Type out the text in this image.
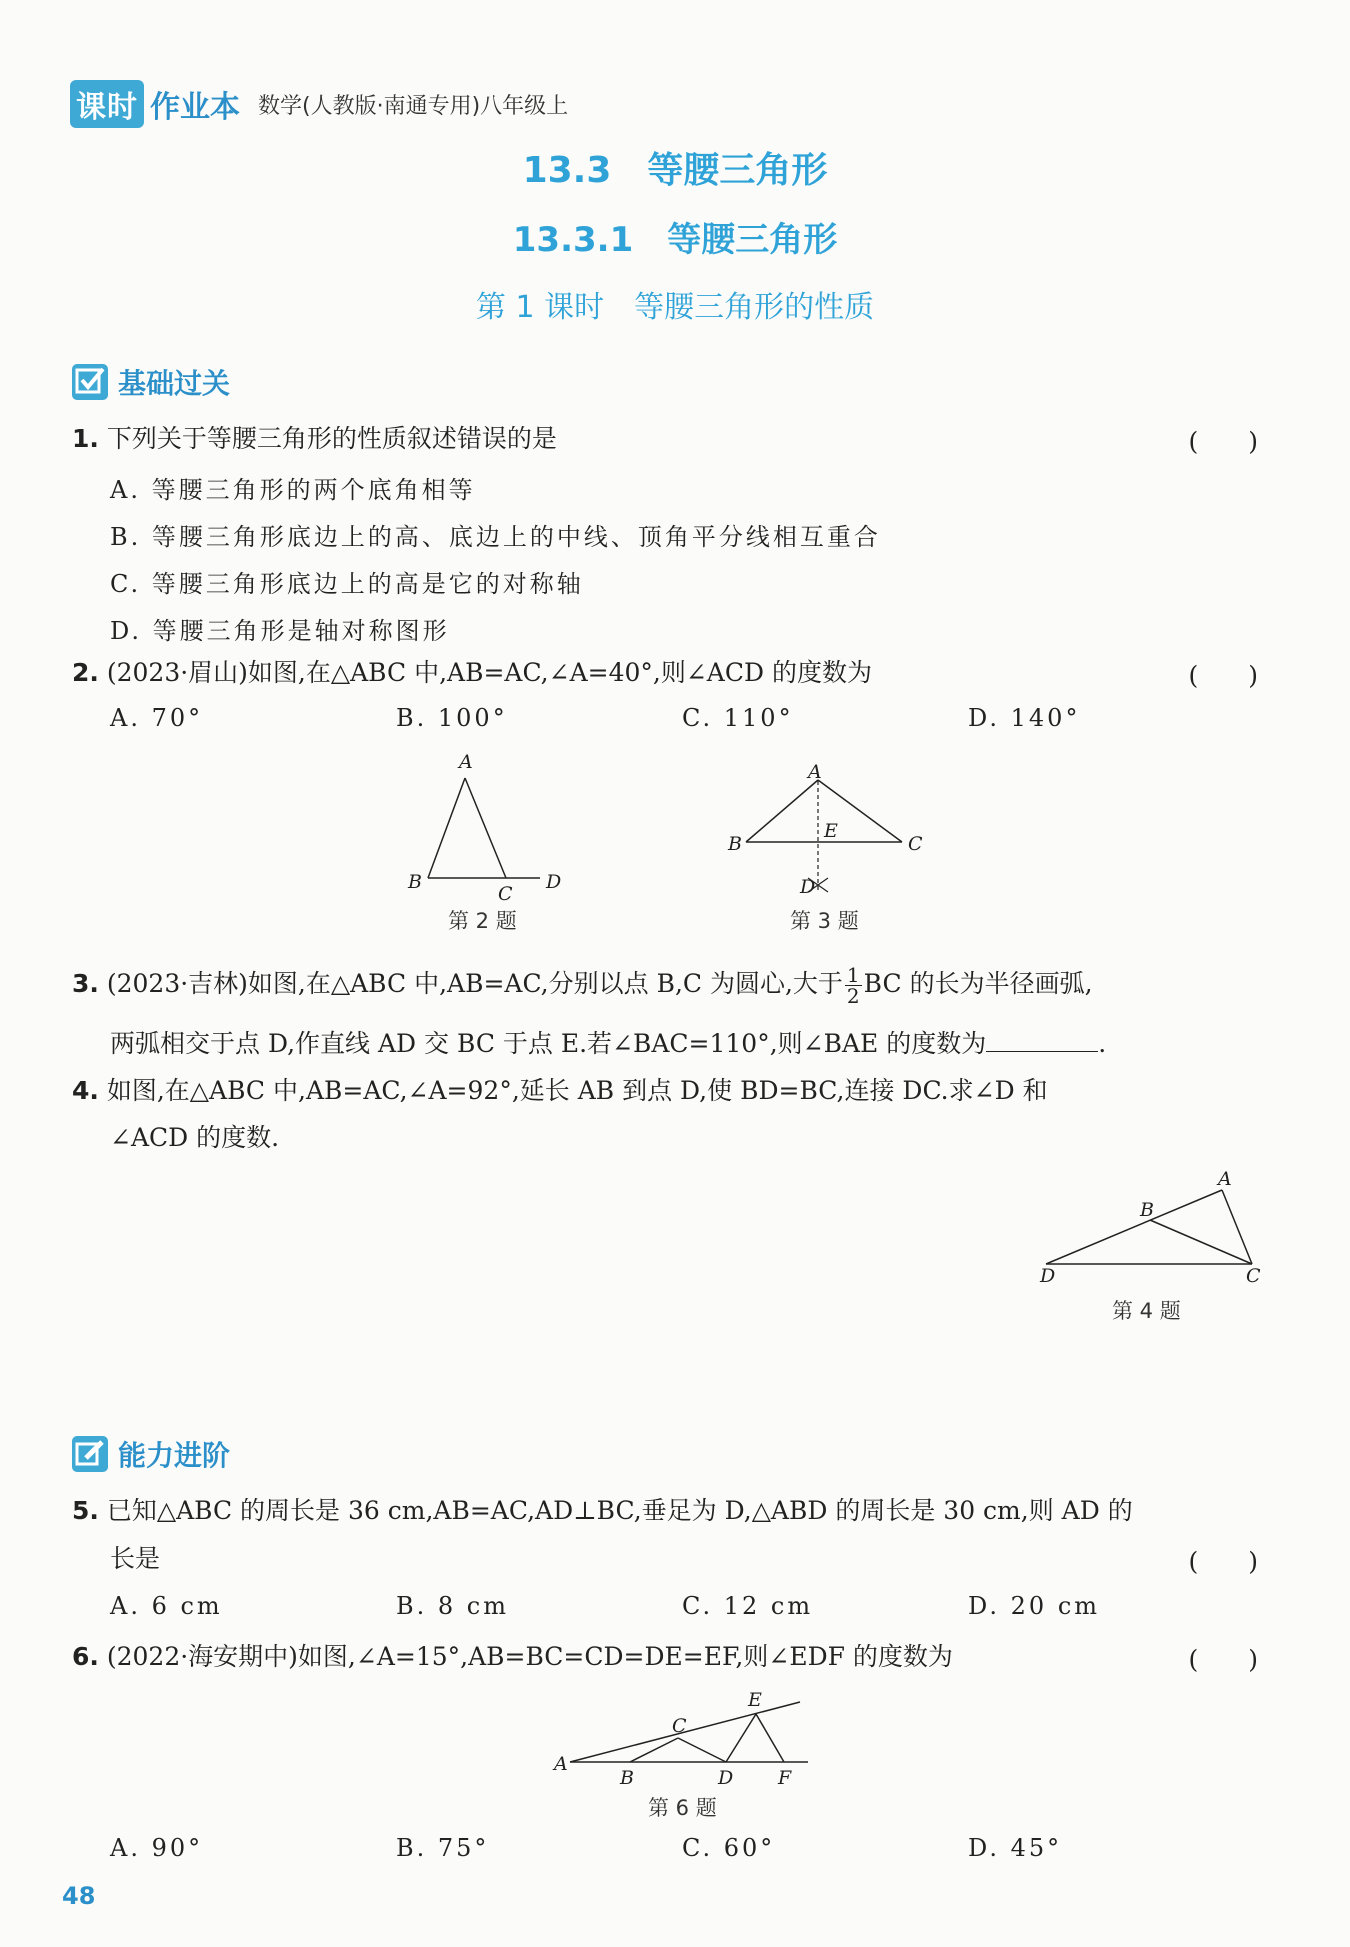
课时 作业本 数学(人教版·南通专用)八年级上
13.3　等腰三角形
13.3.1　等腰三角形
第 1 课时　等腰三角形的性质
基础过关
1. 下列关于等腰三角形的性质叙述错误的是	(　　)
A. 等腰三角形的两个底角相等
B. 等腰三角形底边上的高、底边上的中线、顶角平分线相互重合
C. 等腰三角形底边上的高是它的对称轴
D. 等腰三角形是轴对称图形
2. (2023·眉山)如图,在△ABC 中,AB=AC,∠A=40°,则∠ACD 的度数为	(　　)
A. 70°	B. 100°	C. 110°	D. 140°
A
B
C
D
第 2 题
A
B	C
D
E
第 3 题
3. (2023·吉林)如图,在△ABC 中,AB=AC,分别以点 B,C 为圆心,大于 $\frac{1}{2}$ BC 的长为半径画弧,
两弧相交于点 D,作直线 AD 交 BC 于点 E.若∠BAC=110°,则∠BAE 的度数为	.
4. 如图,在△ABC 中,AB=AC,∠A=92°,延长 AB 到点 D,使 BD=BC,连接 DC.求∠D 和
∠ACD 的度数.
A
B
C
D
第 4 题
能力进阶
5. 已知△ABC 的周长是 36 cm,AB=AC,AD⊥BC,垂足为 D,△ABD 的周长是 30 cm,则 AD 的
长是	(　　)
A. 6 cm	B. 8 cm	C. 12 cm	D. 20 cm
6. (2022·海安期中)如图,∠A=15°,AB=BC=CD=DE=EF,则∠EDF 的度数为	(　　)
A
B
C
D
E
F
第 6 题
A. 90°	B. 75°	C. 60°	D. 45°
48
